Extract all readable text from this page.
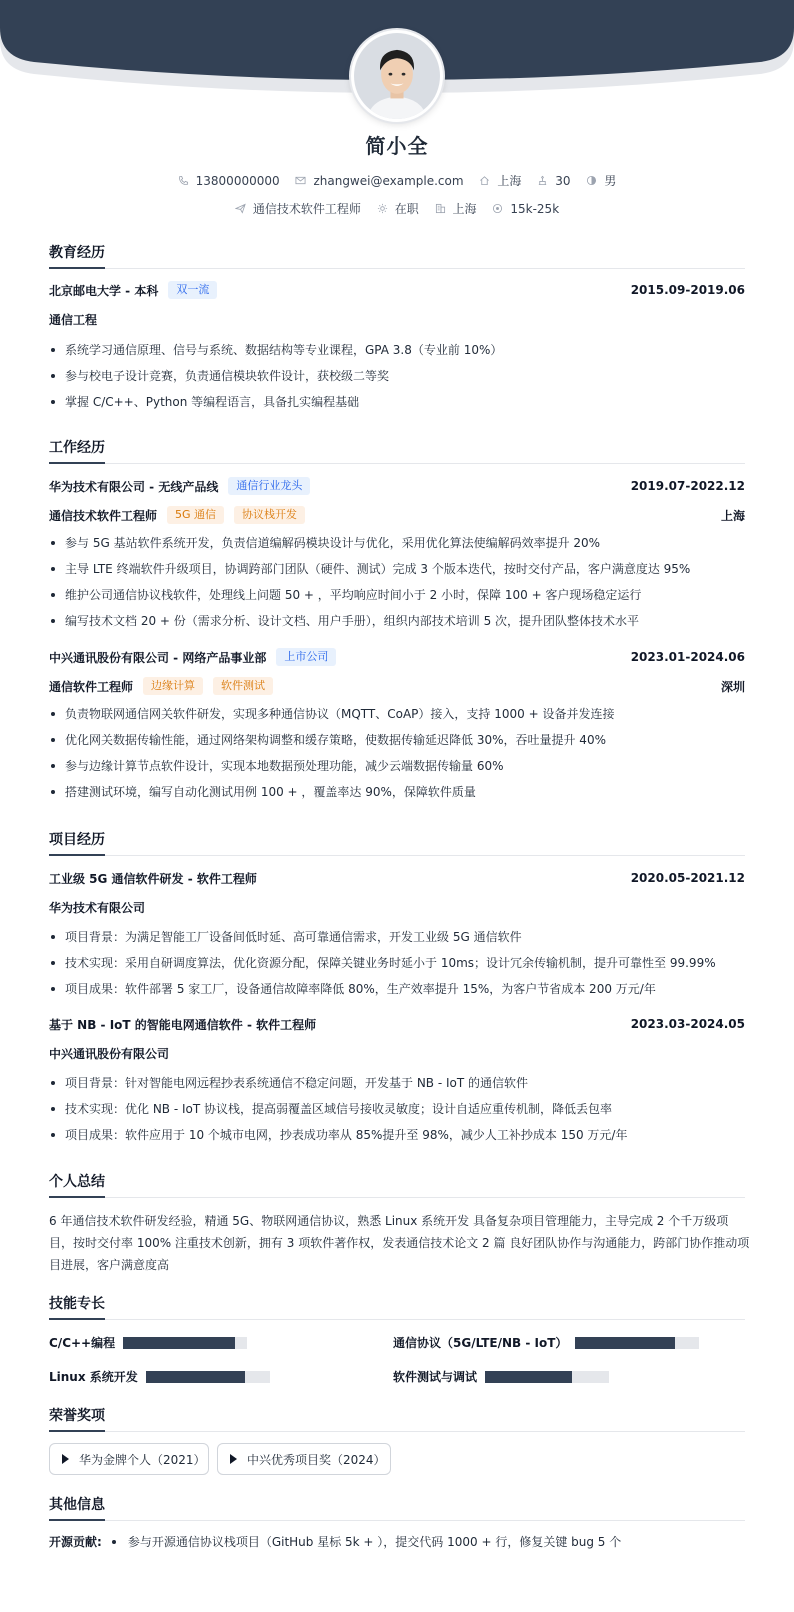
简小全
13800000000	zhangwei@example.com	上海	30	男
通信技术软件工程师	在职	上海	15k-25k
教育经历
北京邮电大学 - 本科	双一流	2015.09-2019.06
通信工程
系统学习通信原理、信号与系统、数据结构等专业课程，GPA 3.8（专业前 10%）
参与校电子设计竞赛，负责通信模块软件设计，获校级二等奖
掌握 C/C++、Python 等编程语言，具备扎实编程基础
工作经历
华为技术有限公司 - 无线产品线	通信行业龙头	2019.07-2022.12
通信技术软件工程师	5G 通信	协议栈开发	上海
参与 5G 基站软件系统开发，负责信道编解码模块设计与优化，采用优化算法使编解码效率提升 20%
主导 LTE 终端软件升级项目，协调跨部门团队（硬件、测试）完成 3 个版本迭代，按时交付产品，客户满意度达 95%
维护公司通信协议栈软件，处理线上问题 50 + ，平均响应时间小于 2 小时，保障 100 + 客户现场稳定运行
编写技术文档 20 + 份（需求分析、设计文档、用户手册），组织内部技术培训 5 次，提升团队整体技术水平
中兴通讯股份有限公司 - 网络产品事业部	上市公司	2023.01-2024.06
通信软件工程师	边缘计算	软件测试	深圳
负责物联网通信网关软件研发，实现多种通信协议（MQTT、CoAP）接入，支持 1000 + 设备并发连接
优化网关数据传输性能，通过网络架构调整和缓存策略，使数据传输延迟降低 30%，吞吐量提升 40%
参与边缘计算节点软件设计，实现本地数据预处理功能，减少云端数据传输量 60%
搭建测试环境，编写自动化测试用例 100 + ，覆盖率达 90%，保障软件质量
项目经历
工业级 5G 通信软件研发 - 软件工程师	2020.05-2021.12
华为技术有限公司
项目背景：为满足智能工厂设备间低时延、高可靠通信需求，开发工业级 5G 通信软件
技术实现：采用自研调度算法，优化资源分配，保障关键业务时延小于 10ms；设计冗余传输机制，提升可靠性至 99.99%
项目成果：软件部署 5 家工厂，设备通信故障率降低 80%，生产效率提升 15%，为客户节省成本 200 万元/年
基于 NB - IoT 的智能电网通信软件 - 软件工程师	2023.03-2024.05
中兴通讯股份有限公司
项目背景：针对智能电网远程抄表系统通信不稳定问题，开发基于 NB - IoT 的通信软件
技术实现：优化 NB - IoT 协议栈，提高弱覆盖区域信号接收灵敏度；设计自适应重传机制，降低丢包率
项目成果：软件应用于 10 个城市电网，抄表成功率从 85%提升至 98%，减少人工补抄成本 150 万元/年
个人总结
6 年通信技术软件研发经验，精通 5G、物联网通信协议，熟悉 Linux 系统开发 具备复杂项目管理能力，主导完成 2 个千万级项
目，按时交付率 100% 注重技术创新，拥有 3 项软件著作权，发表通信技术论文 2 篇 良好团队协作与沟通能力，跨部门协作推动项
目进展，客户满意度高
技能专长
C/C++编程	通信协议（5G/LTE/NB - IoT）
Linux 系统开发	软件测试与调试
荣誉奖项
华为金牌个人（2021）	中兴优秀项目奖（2024）
其他信息
开源贡献: 参与开源通信协议栈项目（GitHub 星标 5k + ），提交代码 1000 + 行，修复关键 bug 5 个
